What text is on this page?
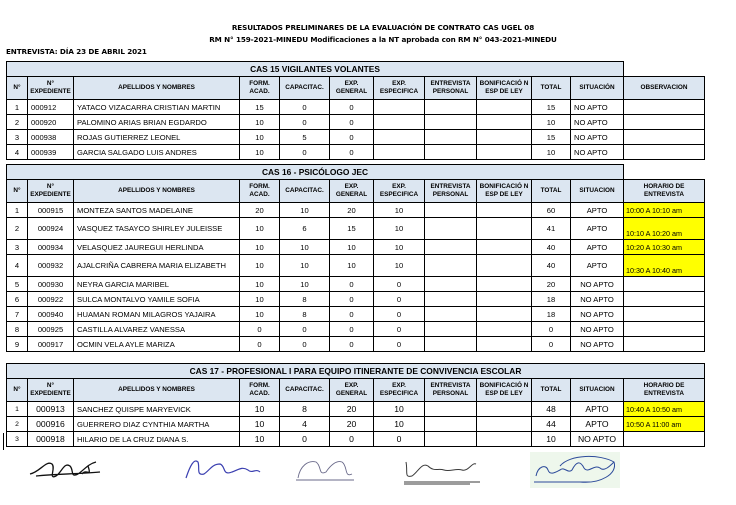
RESULTADOS PRELIMINARES DE LA EVALUACIÓN DE CONTRATO CAS UGEL 08
RM N° 159-2021-MINEDU Modificaciones a la NT aprobada con RM N° 043-2021-MINEDU
ENTREVISTA: DÍA 23 DE ABRIL 2021
CAS 15 VIGILANTES VOLANTES											
N°	N° EXPEDIENTE	APELLIDOS Y NOMBRES	FORM. ACAD.	CAPACITAC.	EXP. GENERAL	EXP. ESPECIFICA	ENTREVISTA PERSONAL	BONIFICACIÓ N ESP DE LEY	TOTAL	SITUACIÓN	OBSERVACION
1	000912	YATACO VIZACARRA CRISTIAN MARTIN	15	0	0				15	NO APTO	
2	000920	PALOMINO ARIAS BRIAN EGDARDO	10	0	0				10	NO APTO	
3	000938	ROJAS GUTIERREZ LEONEL	10	5	0				15	NO APTO	
4	000939	GARCIA SALGADO LUIS ANDRES	10	0	0				10	NO APTO	
CAS 16 - PSICÓLOGO JEC											
N°	N° EXPEDIENTE	APELLIDOS Y NOMBRES	FORM. ACAD.	CAPACITAC.	EXP. GENERAL	EXP. ESPECIFICA	ENTREVISTA PERSONAL	BONIFICACIÓ N ESP DE LEY	TOTAL	SITUACION	HORARIO DE ENTREVISTA
1	000915	MONTEZA SANTOS MADELAINE	20	10	20	10			60	APTO	10:00 A 10:10 am
2	000924	VASQUEZ TASAYCO SHIRLEY JULEISSE	10	6	15	10			41	APTO	10:10 A 10:20 am
3	000934	VELASQUEZ JAUREGUI HERLINDA	10	10	10	10			40	APTO	10:20 A 10:30 am
4	000932	AJALCRIÑA CABRERA MARIA ELIZABETH	10	10	10	10			40	APTO	10:30 A 10:40 am
5	000930	NEYRA GARCIA MARIBEL	10	10	0	0			20	NO APTO	
6	000922	SULCA MONTALVO YAMILE SOFIA	10	8	0	0			18	NO APTO	
7	000940	HUAMAN ROMAN MILAGROS YAJAIRA	10	8	0	0			18	NO APTO	
8	000925	CASTILLA ALVAREZ VANESSA	0	0	0	0			0	NO APTO	
9	000917	OCMIN VELA AYLE MARIZA	0	0	0	0			0	NO APTO	
CAS 17 - PROFESIONAL I PARA EQUIPO ITINERANTE DE CONVIVENCIA ESCOLAR											
N°	N° EXPEDIENTE	APELLIDOS Y NOMBRES	FORM. ACAD.	CAPACITAC.	EXP. GENERAL	EXP. ESPECIFICA	ENTREVISTA PERSONAL	BONIFICACIÓ N ESP DE LEY	TOTAL	SITUACION	HORARIO DE ENTREVISTA
1	000913	SANCHEZ QUISPE MARYEVICK	10	8	20	10			48	APTO	10:40 A 10:50 am
2	000916	GUERRERO DIAZ CYNTHIA MARTHA	10	4	20	10			44	APTO	10:50 A 11:00 am
3	000918	HILARIO DE LA CRUZ DIANA S.	10	0	0	0			10	NO APTO	
